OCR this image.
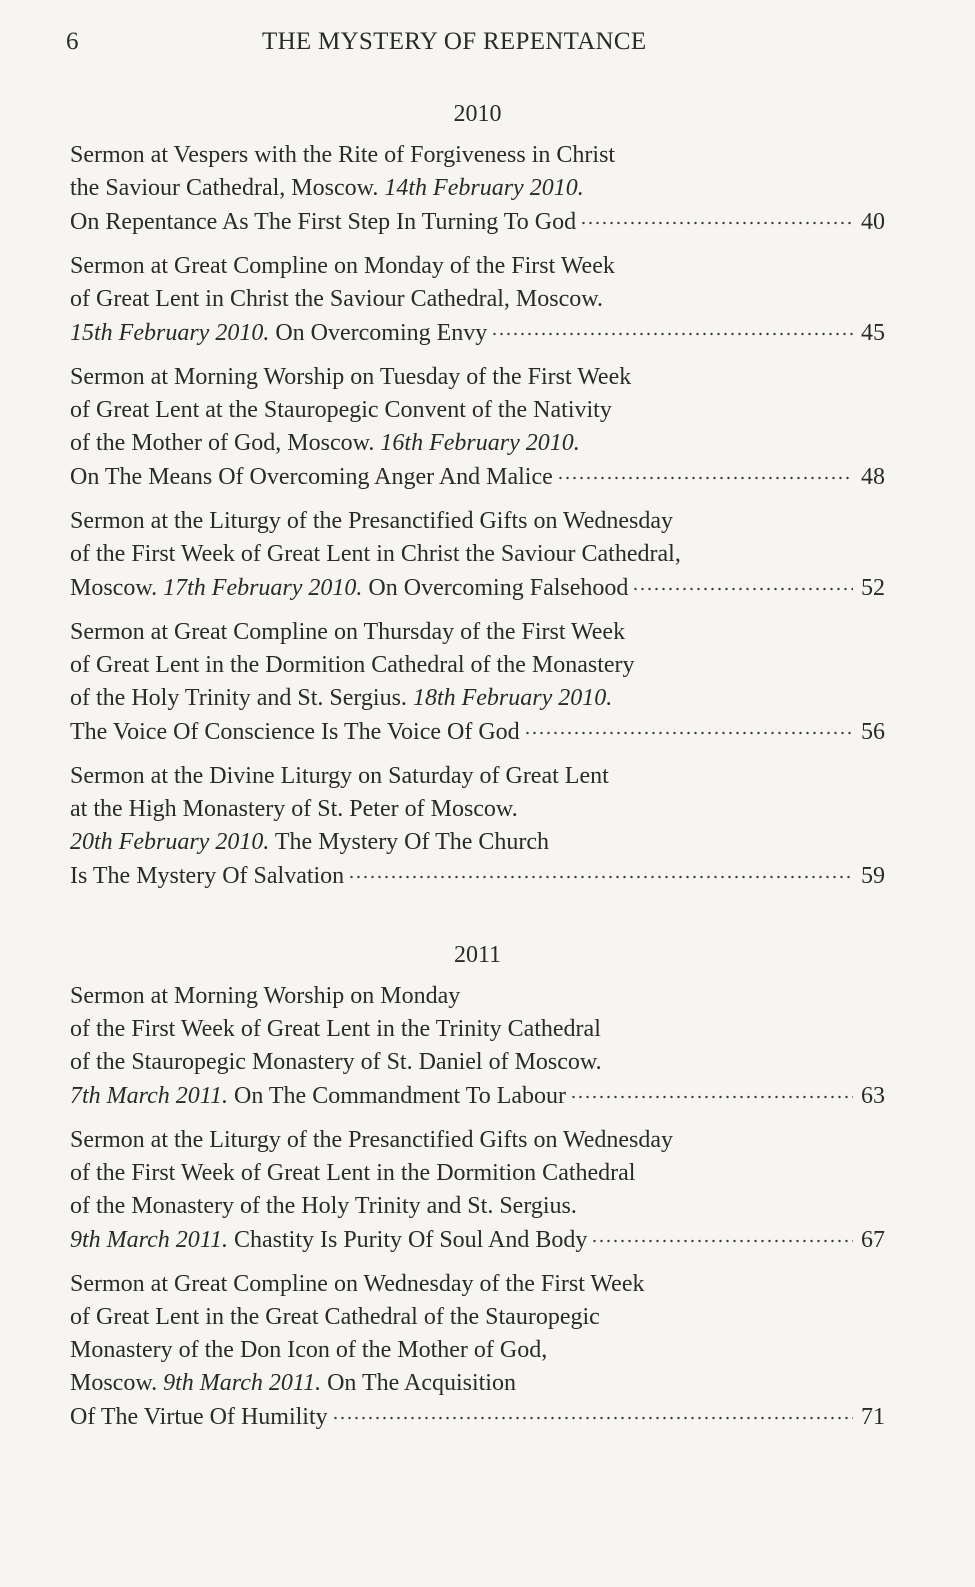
6	THE MYSTERY OF REPENTANCE
2010
Sermon at Vespers with the Rite of Forgiveness in Christ
the Saviour Cathedral, Moscow. 14th February 2010.
On Repentance As The First Step In Turning To God	40
Sermon at Great Compline on Monday of the First Week
of Great Lent in Christ the Saviour Cathedral, Moscow.
15th February 2010. On Overcoming Envy	45
Sermon at Morning Worship on Tuesday of the First Week
of Great Lent at the Stauropegic Convent of the Nativity
of the Mother of God, Moscow. 16th February 2010.
On The Means Of Overcoming Anger And Malice	48
Sermon at the Liturgy of the Presanctified Gifts on Wednesday
of the First Week of Great Lent in Christ the Saviour Cathedral,
Moscow. 17th February 2010. On Overcoming Falsehood	52
Sermon at Great Compline on Thursday of the First Week
of Great Lent in the Dormition Cathedral of the Monastery
of the Holy Trinity and St. Sergius. 18th February 2010.
The Voice Of Conscience Is The Voice Of God	56
Sermon at the Divine Liturgy on Saturday of Great Lent
at the High Monastery of St. Peter of Moscow.
20th February 2010. The Mystery Of The Church
Is The Mystery Of Salvation	59
2011
Sermon at Morning Worship on Monday
of the First Week of Great Lent in the Trinity Cathedral
of the Stauropegic Monastery of St. Daniel of Moscow.
7th March 2011. On The Commandment To Labour	63
Sermon at the Liturgy of the Presanctified Gifts on Wednesday
of the First Week of Great Lent in the Dormition Cathedral
of the Monastery of the Holy Trinity and St. Sergius.
9th March 2011. Chastity Is Purity Of Soul And Body	67
Sermon at Great Compline on Wednesday of the First Week
of Great Lent in the Great Cathedral of the Stauropegic
Monastery of the Don Icon of the Mother of God,
Moscow. 9th March 2011. On The Acquisition
Of The Virtue Of Humility	71
